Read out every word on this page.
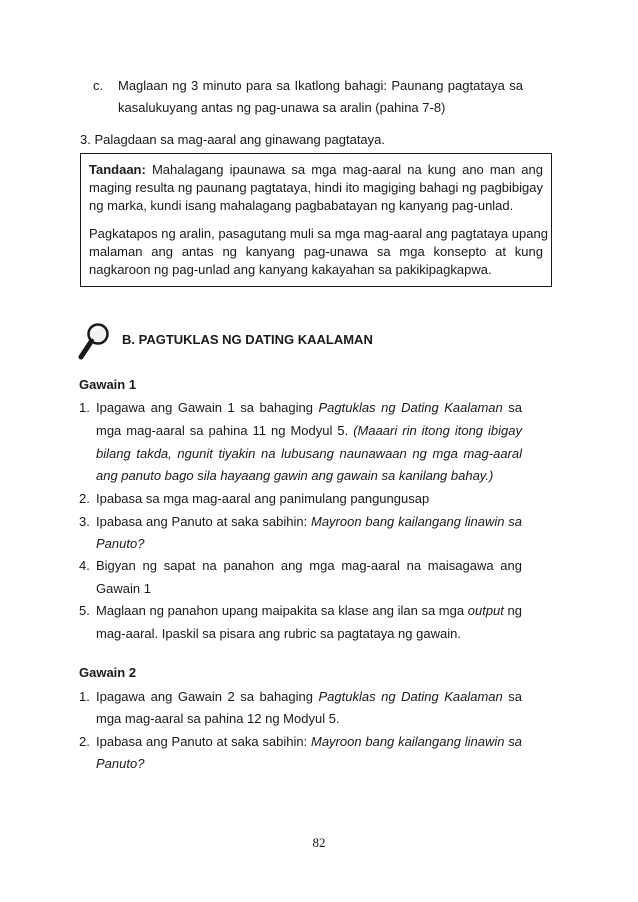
c. Maglaan ng 3 minuto para sa Ikatlong bahagi: Paunang pagtataya sa
kasalukuyang antas ng pag-unawa sa aralin (pahina 7-8)
3. Palagdaan sa mag-aaral ang ginawang pagtataya.
Tandaan: Mahalagang ipaunawa sa mga mag-aaral na kung ano man ang
maging resulta ng paunang pagtataya, hindi ito magiging bahagi ng pagbibigay
ng marka, kundi isang mahalagang pagbabatayan ng kanyang pag-unlad.
Pagkatapos ng aralin, pasagutang muli sa mga mag-aaral ang pagtataya upang
malaman ang antas ng kanyang pag-unawa sa mga konsepto at kung
nagkaroon ng pag-unlad ang kanyang kakayahan sa pakikipagkapwa.
B. PAGTUKLAS NG DATING KAALAMAN
Gawain 1
1. Ipagawa ang Gawain 1 sa bahaging Pagtuklas ng Dating Kaalaman sa
mga mag-aaral sa pahina 11 ng Modyul 5. (Maaari rin itong itong ibigay
bilang takda, ngunit tiyakin na lubusang naunawaan ng mga mag-aaral
ang panuto bago sila hayaang gawin ang gawain sa kanilang bahay.)
2. Ipabasa sa mga mag-aaral ang panimulang pangungusap
3. Ipabasa ang Panuto at saka sabihin: Mayroon bang kailangang linawin sa
Panuto?
4. Bigyan ng sapat na panahon ang mga mag-aaral na maisagawa ang
Gawain 1
5. Maglaan ng panahon upang maipakita sa klase ang ilan sa mga output ng
mag-aaral. Ipaskil sa pisara ang rubric sa pagtataya ng gawain.
Gawain 2
1. Ipagawa ang Gawain 2 sa bahaging Pagtuklas ng Dating Kaalaman sa
mga mag-aaral sa pahina 12 ng Modyul 5.
2. Ipabasa ang Panuto at saka sabihin: Mayroon bang kailangang linawin sa
Panuto?
82
